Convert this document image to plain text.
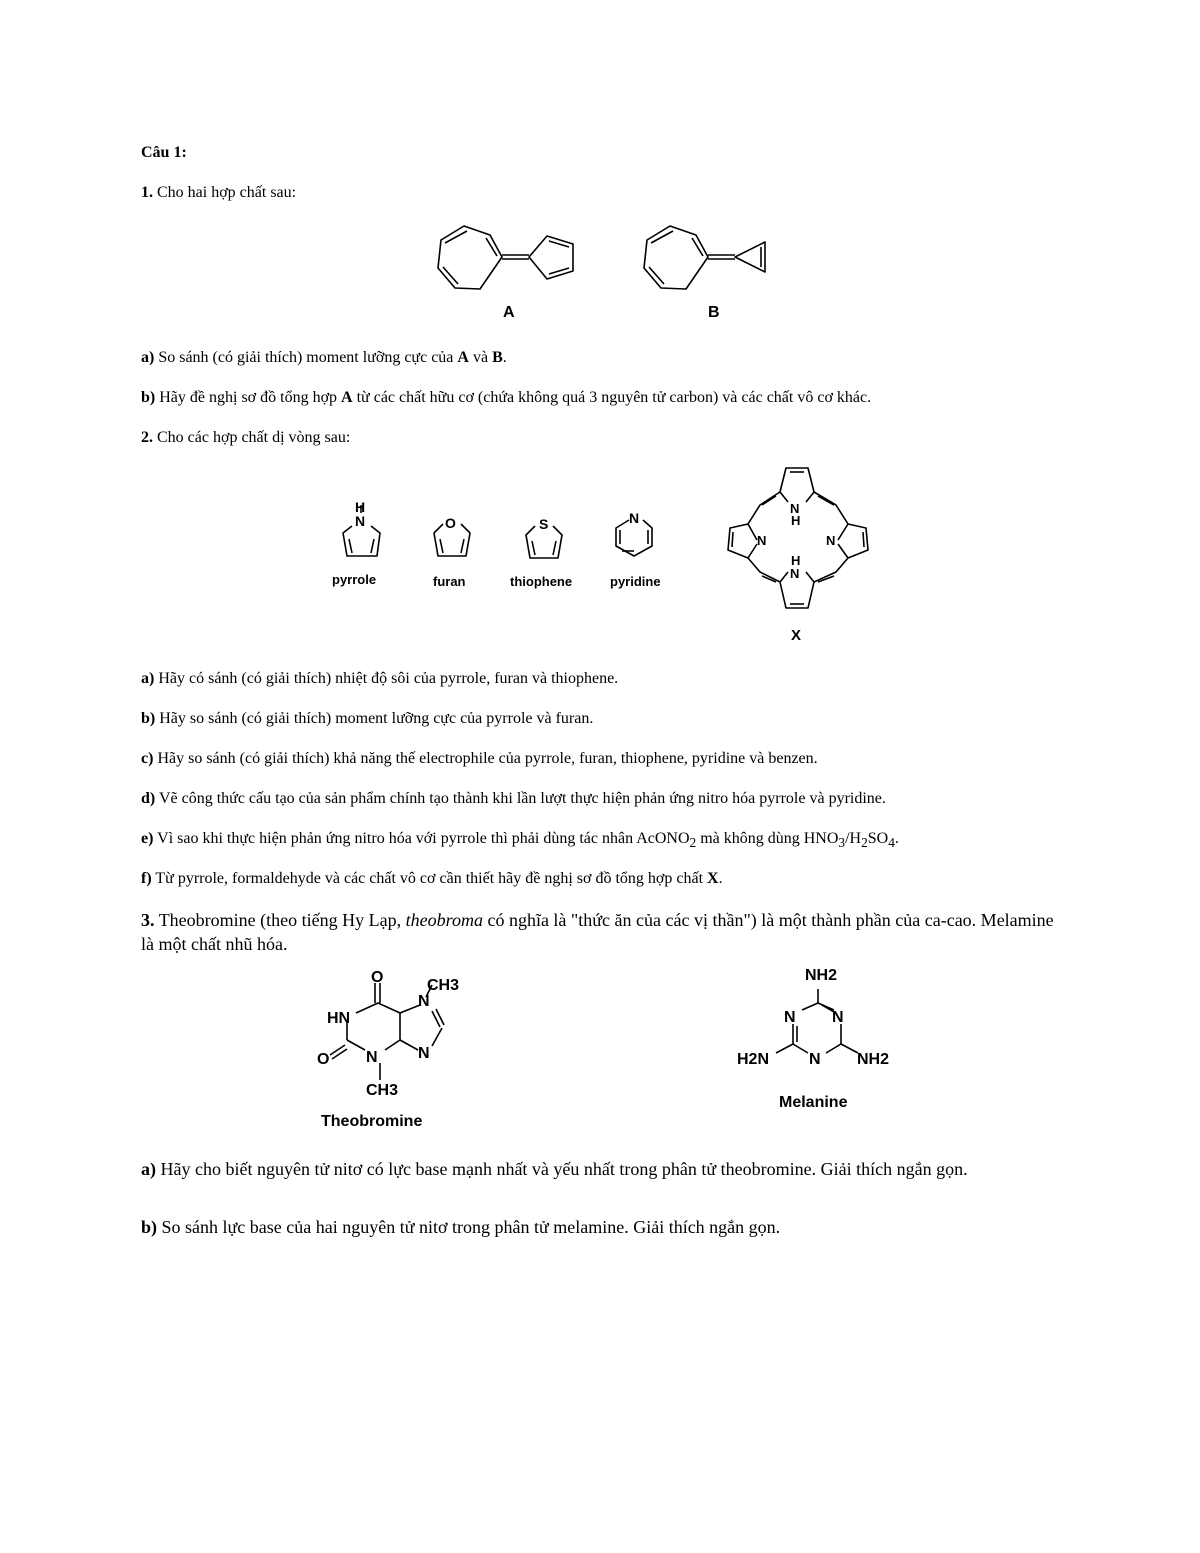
Câu 1:
1. Cho hai hợp chất sau:
a) So sánh (có giải thích) moment lưỡng cực của A và B.
b) Hãy đề nghị sơ đồ tổng hợp A từ các chất hữu cơ (chứa không quá 3 nguyên tử carbon) và các chất vô cơ khác.
2. Cho các hợp chất dị vòng sau:
a) Hãy có sánh (có giải thích) nhiệt độ sôi của pyrrole, furan và thiophene.
b) Hãy so sánh (có giải thích) moment lưỡng cực của pyrrole và furan.
c) Hãy so sánh (có giải thích) khả năng thế electrophile của pyrrole, furan, thiophene, pyridine và benzen.
d) Vẽ công thức cấu tạo của sản phẩm chính tạo thành khi lần lượt thực hiện phản ứng nitro hóa pyrrole và pyridine.
e) Vì sao khi thực hiện phản ứng nitro hóa với pyrrole thì phải dùng tác nhân AcONO$_2$ mà không dùng $HNO_3/H_2SO_4$.
f) Từ pyrrole, formaldehyde và các chất vô cơ cần thiết hãy đề nghị sơ đồ tổng hợp chất X.
3. Theobromine (theo tiếng Hy Lạp, theobroma có nghĩa là "thức ăn của các vị thần") là một thành phần của ca-cao. Melamine là một chất nhũ hóa.
a) Hãy cho biết nguyên tử nitơ có lực base mạnh nhất và yếu nhất trong phân tử theobromine. Giải thích ngắn gọn.
b) So sánh lực base của hai nguyên tử nitơ trong phân tử melamine. Giải thích ngắn gọn.
A	B
H
N	O	S	N
pyrrole	furan	thiophene	pyridine
N
H
N	N
H
N
X
O
HN
O N
N
N
CH3
CH3
Theobromine
NH2
N N
N
H2N	NH2
Melanine
